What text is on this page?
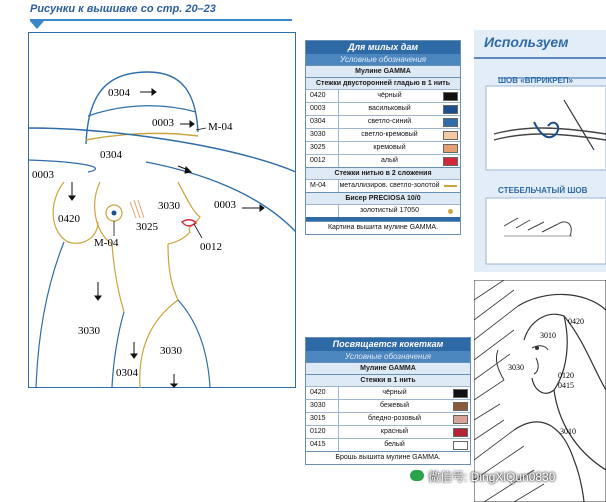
Рисунки к вышивке со стр. 20–23
0304
0003	M-04
0304
0003
0420
3030	0003
3025
M-04	0012
3030
3030
0304
Для милых дам
Условные обозначения
Мулине GAMMA
Стежки двусторонней гладью в 1 нить
0420	чёрный
0003	васильковый
0304	светло-синий
3030	светло-кремовый
3025	кремовый
0012	алый
Стежки нитью в 2 сложения
M-04	металлизиров. светло-золотой
Бисер PRECIOSA 10/0
золотистый 17050
Картина вышита мулине GAMMA.
Посвящается кокеткам
Условные обозначения
Мулине GAMMA
Стежки в 1 нить
0420	чёрный
3030	бежевый
3015	бледно-розовый
0120	красный
0415	белый
Брошь вышита мулине GAMMA.
Используем
ШОВ «ВПРИКРЕП»
СТЕБЕЛЬЧАТЫЙ ШОВ
0420
3010
3030
0120
0415
3010
微信号: DingXiQun0830
